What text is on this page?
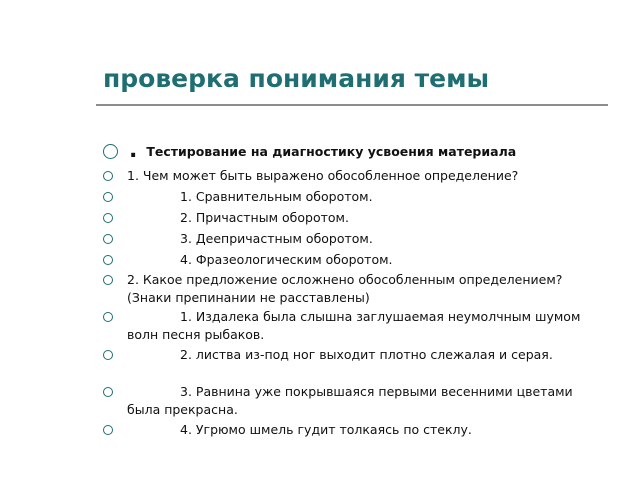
проверка понимания темы
. Тестирование на диагностику усвоения материала
1. Чем может быть выражено обособленное определение?
1. Сравнительным оборотом.
2. Причастным оборотом.
3. Деепричастным оборотом.
4. Фразеологическим оборотом.
2. Какое предложение осложнено обособленным определением? (Знаки препинании не расставлены)
1. Издалека была слышна заглушаемая неумолчным шумом волн песня рыбаков.
2. листва из-под ног выходит плотно слежалая и серая.
3. Равнина уже покрывшаяся первыми весенними цветами была прекрасна.
4. Угрюмо шмель гудит толкаясь по стеклу.
